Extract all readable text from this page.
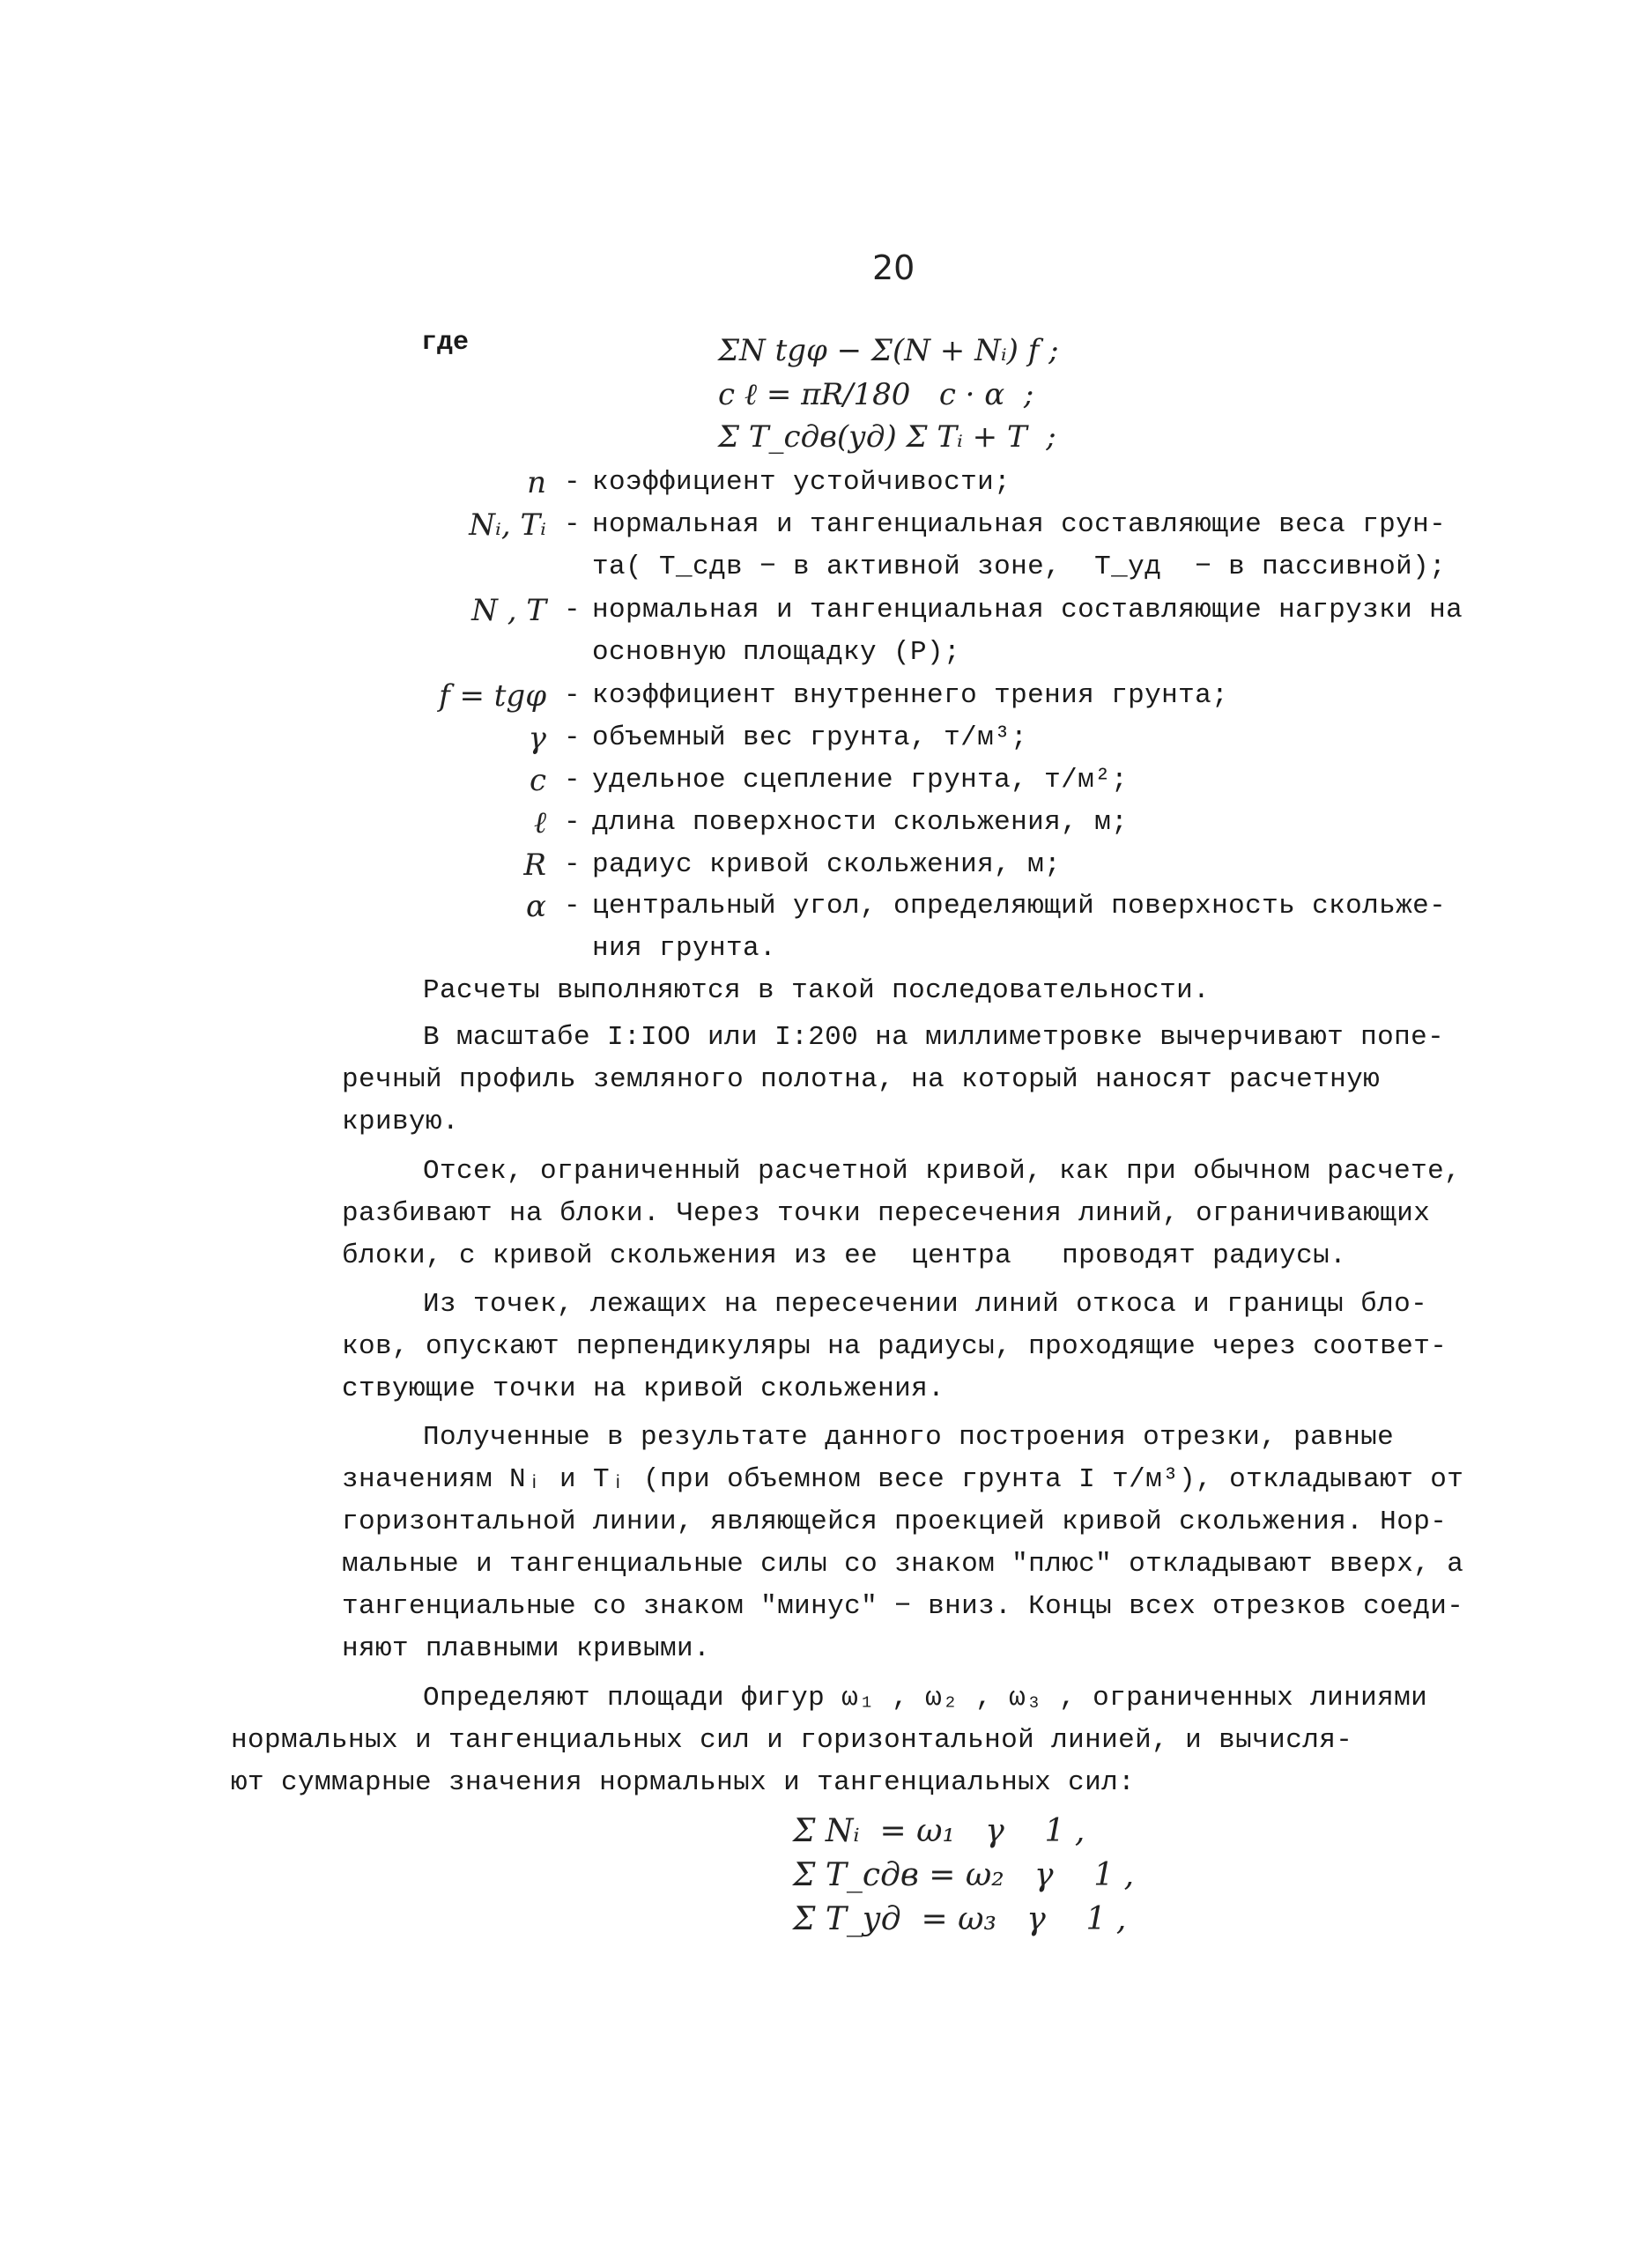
20
где	ΣN tgφ − Σ(N + Nᵢ) f ;
c ℓ = πR/180   c · α  ;
Σ T_сдв(уд) Σ Tᵢ + T  ;
n - коэффициент устойчивости;
Nᵢ, Tᵢ - нормальная и тангенциальная составляющие веса грун-
та( T_сдв − в активной зоне,  T_уд  − в пассивной);
N , T - нормальная и тангенциальная составляющие нагрузки на
основную площадку (P);
f = tgφ - коэффициент внутреннего трения грунта;
γ - объемный вес грунта, т/м³;
c - удельное сцепление грунта, т/м²;
ℓ - длина поверхности скольжения, м;
R - радиус кривой скольжения, м;
α - центральный угол, определяющий поверхность скольже-
ния грунта.
Расчеты выполняются в такой последовательности.
В масштабе I:IOO или I:200 на миллиметровке вычерчивают попе-
речный профиль земляного полотна, на который наносят расчетную
кривую.
Отсек, ограниченный расчетной кривой, как при обычном расчете,
разбивают на блоки. Через точки пересечения линий, ограничивающих
блоки, с кривой скольжения из ее  центра   проводят радиусы.
Из точек, лежащих на пересечении линий откоса и границы бло-
ков, опускают перпендикуляры на радиусы, проходящие через соответ-
ствующие точки на кривой скольжения.
Полученные в результате данного построения отрезки, равные
значениям Nᵢ и Tᵢ (при объемном весе грунта I т/м³), откладывают от
горизонтальной линии, являющейся проекцией кривой скольжения. Нор-
мальные и тангенциальные силы со знаком "плюс" откладывают вверх, а
тангенциальные со знаком "минус" − вниз. Концы всех отрезков соеди-
няют плавными кривыми.
Определяют площади фигур ω₁ , ω₂ , ω₃ , ограниченных линиями
нормальных и тангенциальных сил и горизонтальной линией, и вычисля-
ют суммарные значения нормальных и тангенциальных сил:
Σ Nᵢ  = ω₁   γ    1 ,
Σ T_сдв = ω₂   γ    1 ,
Σ T_уд  = ω₃   γ    1 ,
